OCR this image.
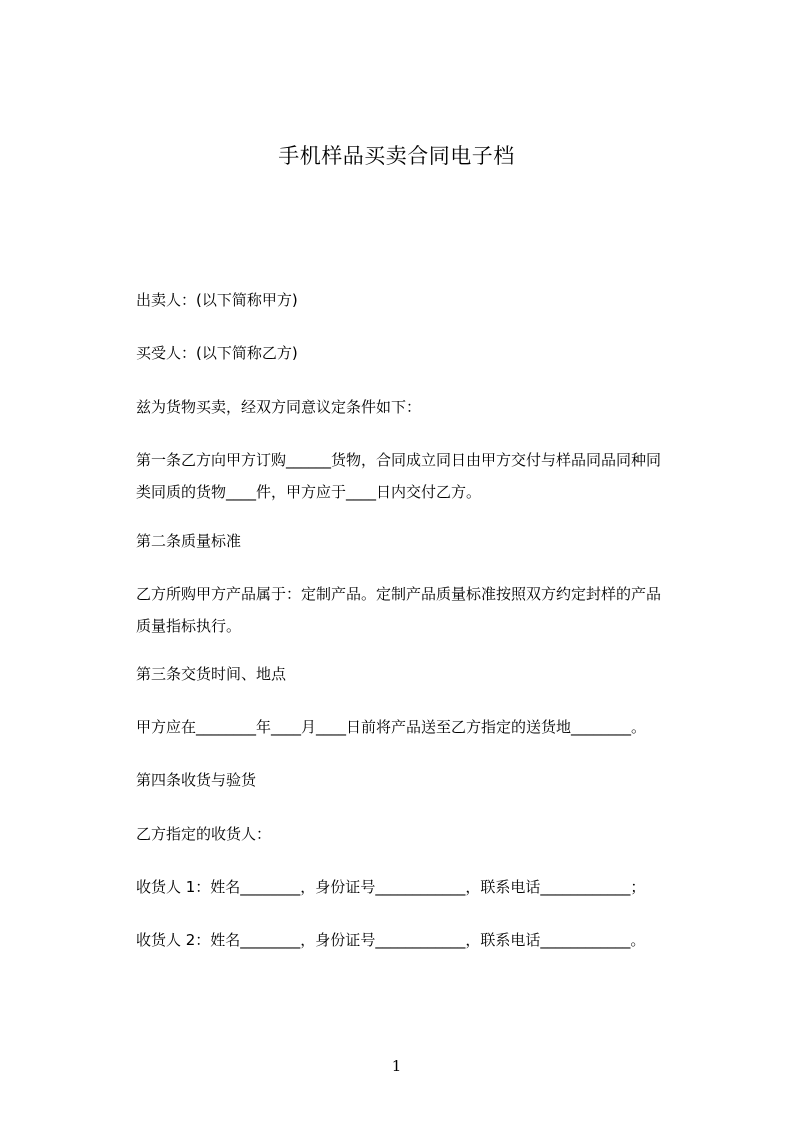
手机样品买卖合同电子档
出卖人：(以下简称甲方)
买受人：(以下简称乙方)
兹为货物买卖，经双方同意议定条件如下：
第一条乙方向甲方订购______货物，合同成立同日由甲方交付与样品同品同种同
类同质的货物____件，甲方应于____日内交付乙方。
第二条质量标准
乙方所购甲方产品属于：定制产品。定制产品质量标准按照双方约定封样的产品
质量指标执行。
第三条交货时间、地点
甲方应在________年____月____日前将产品送至乙方指定的送货地________。
第四条收货与验货
乙方指定的收货人：
收货人 1：姓名________，身份证号____________，联系电话____________；
收货人 2：姓名________，身份证号____________，联系电话____________。
1
